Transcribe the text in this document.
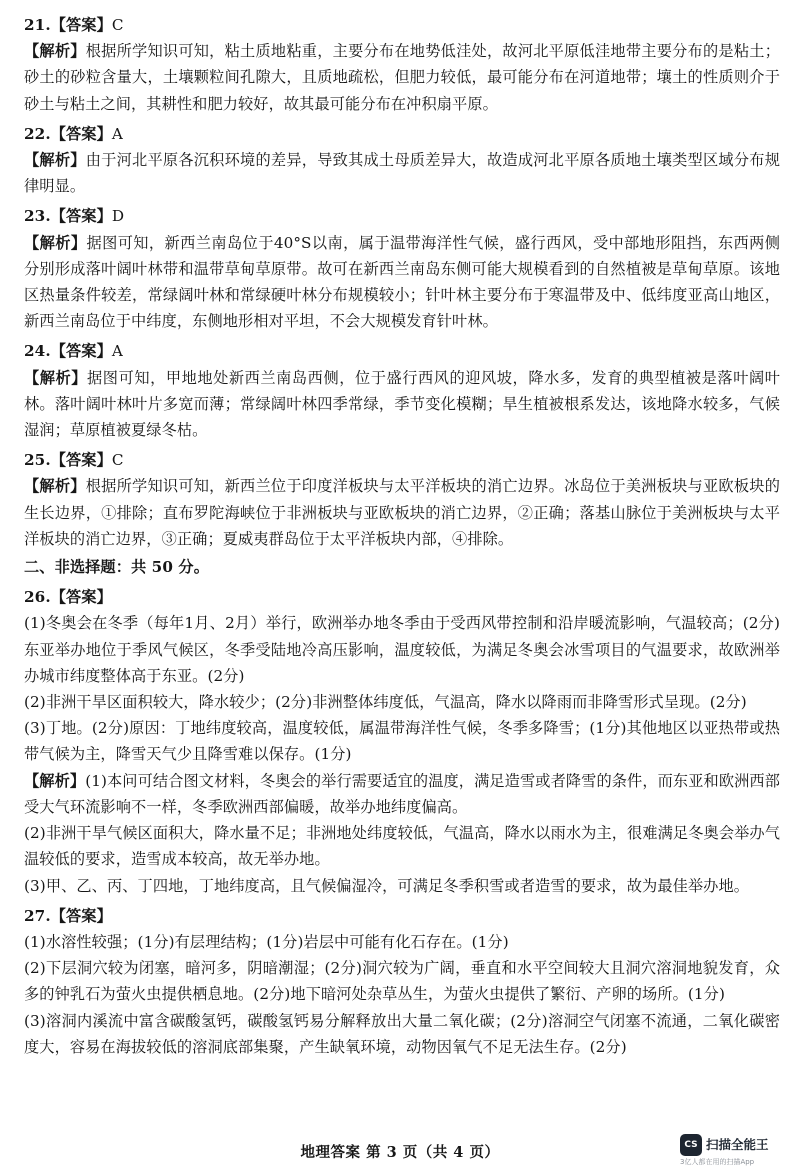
21.【答案】C

【解析】根据所学知识可知，粘土质地粘重，主要分布在地势低洼处，故河北平原低洼地带主要分布的是粘土；砂土的砂粒含量大，土壤颗粒间孔隙大，且质地疏松，但肥力较低，最可能分布在河道地带；壤土的性质则介于砂土与粘土之间，其耕性和肥力较好，故其最可能分布在冲积扇平原。

22.【答案】A

【解析】由于河北平原各沉积环境的差异，导致其成土母质差异大，故造成河北平原各质地土壤类型区域分布规律明显。

23.【答案】D

【解析】据图可知，新西兰南岛位于40°S以南，属于温带海洋性气候，盛行西风，受中部地形阻挡，东西两侧分别形成落叶阔叶林带和温带草甸草原带。故可在新西兰南岛东侧可能大规模看到的自然植被是草甸草原。该地区热量条件较差，常绿阔叶林和常绿硬叶林分布规模较小；针叶林主要分布于寒温带及中、低纬度亚高山地区，新西兰南岛位于中纬度，东侧地形相对平坦，不会大规模发育针叶林。

24.【答案】A

【解析】据图可知，甲地地处新西兰南岛西侧，位于盛行西风的迎风坡，降水多，发育的典型植被是落叶阔叶林。落叶阔叶林叶片多宽而薄；常绿阔叶林四季常绿，季节变化模糊；旱生植被根系发达，该地降水较多，气候湿润；草原植被夏绿冬枯。

25.【答案】C

【解析】根据所学知识可知，新西兰位于印度洋板块与太平洋板块的消亡边界。冰岛位于美洲板块与亚欧板块的生长边界，①排除；直布罗陀海峡位于非洲板块与亚欧板块的消亡边界，②正确；落基山脉位于美洲板块与太平洋板块的消亡边界，③正确；夏威夷群岛位于太平洋板块内部，④排除。

二、非选择题：共 50 分。
26.【答案】

(1)冬奥会在冬季（每年1月、2月）举行，欧洲举办地冬季由于受西风带控制和沿岸暖流影响，气温较高；(2分)东亚举办地位于季风气候区，冬季受陆地冷高压影响，温度较低，为满足冬奥会冰雪项目的气温要求，故欧洲举办城市纬度整体高于东亚。(2分)

(2)非洲干旱区面积较大，降水较少；(2分)非洲整体纬度低，气温高，降水以降雨而非降雪形式呈现。(2分)

(3)丁地。(2分)原因：丁地纬度较高，温度较低，属温带海洋性气候，冬季多降雪；(1分)其他地区以亚热带或热带气候为主，降雪天气少且降雪难以保存。(1分)

【解析】(1)本问可结合图文材料，冬奥会的举行需要适宜的温度，满足造雪或者降雪的条件，而东亚和欧洲西部受大气环流影响不一样，冬季欧洲西部偏暖，故举办地纬度偏高。

(2)非洲干旱气候区面积大，降水量不足；非洲地处纬度较低，气温高，降水以雨水为主，很难满足冬奥会举办气温较低的要求，造雪成本较高，故无举办地。

(3)甲、乙、丙、丁四地，丁地纬度高，且气候偏湿冷，可满足冬季积雪或者造雪的要求，故为最佳举办地。

27.【答案】

(1)水溶性较强；(1分)有层理结构；(1分)岩层中可能有化石存在。(1分)

(2)下层洞穴较为闭塞，暗河多，阴暗潮湿；(2分)洞穴较为广阔，垂直和水平空间较大且洞穴溶洞地貌发育，众多的钟乳石为萤火虫提供栖息地。(2分)地下暗河处杂草丛生，为萤火虫提供了繁衍、产卵的场所。(1分)

(3)溶洞内溪流中富含碳酸氢钙，碳酸氢钙易分解释放出大量二氧化碳；(2分)溶洞空气闭塞不流通，二氧化碳密度大，容易在海拔较低的溶洞底部集聚，产生缺氧环境，动物因氧气不足无法生存。(2分)

地理答案 第 3 页（共 4 页）	CS 扫描全能王
3亿人都在用的扫描App
